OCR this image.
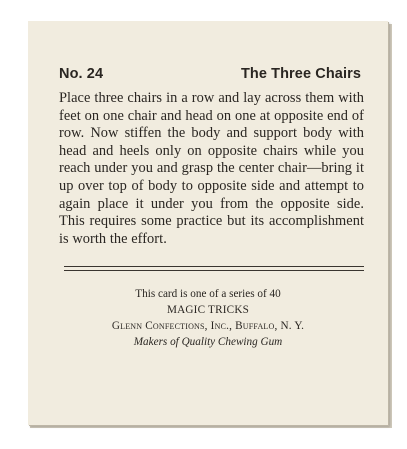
No. 24	The Three Chairs

Place three chairs in a row and lay across them with feet on one chair and head on one at opposite end of row. Now stiffen the body and support body with head and heels only on opposite chairs while you reach under you and grasp the center chair—bring it up over top of body to opposite side and attempt to again place it under you from the opposite side. This requires some practice but its accomplishment is worth the effort.

This card is one of a series of 40
MAGIC TRICKS
Glenn Confections, Inc., Buffalo, N. Y.
Makers of Quality Chewing Gum
